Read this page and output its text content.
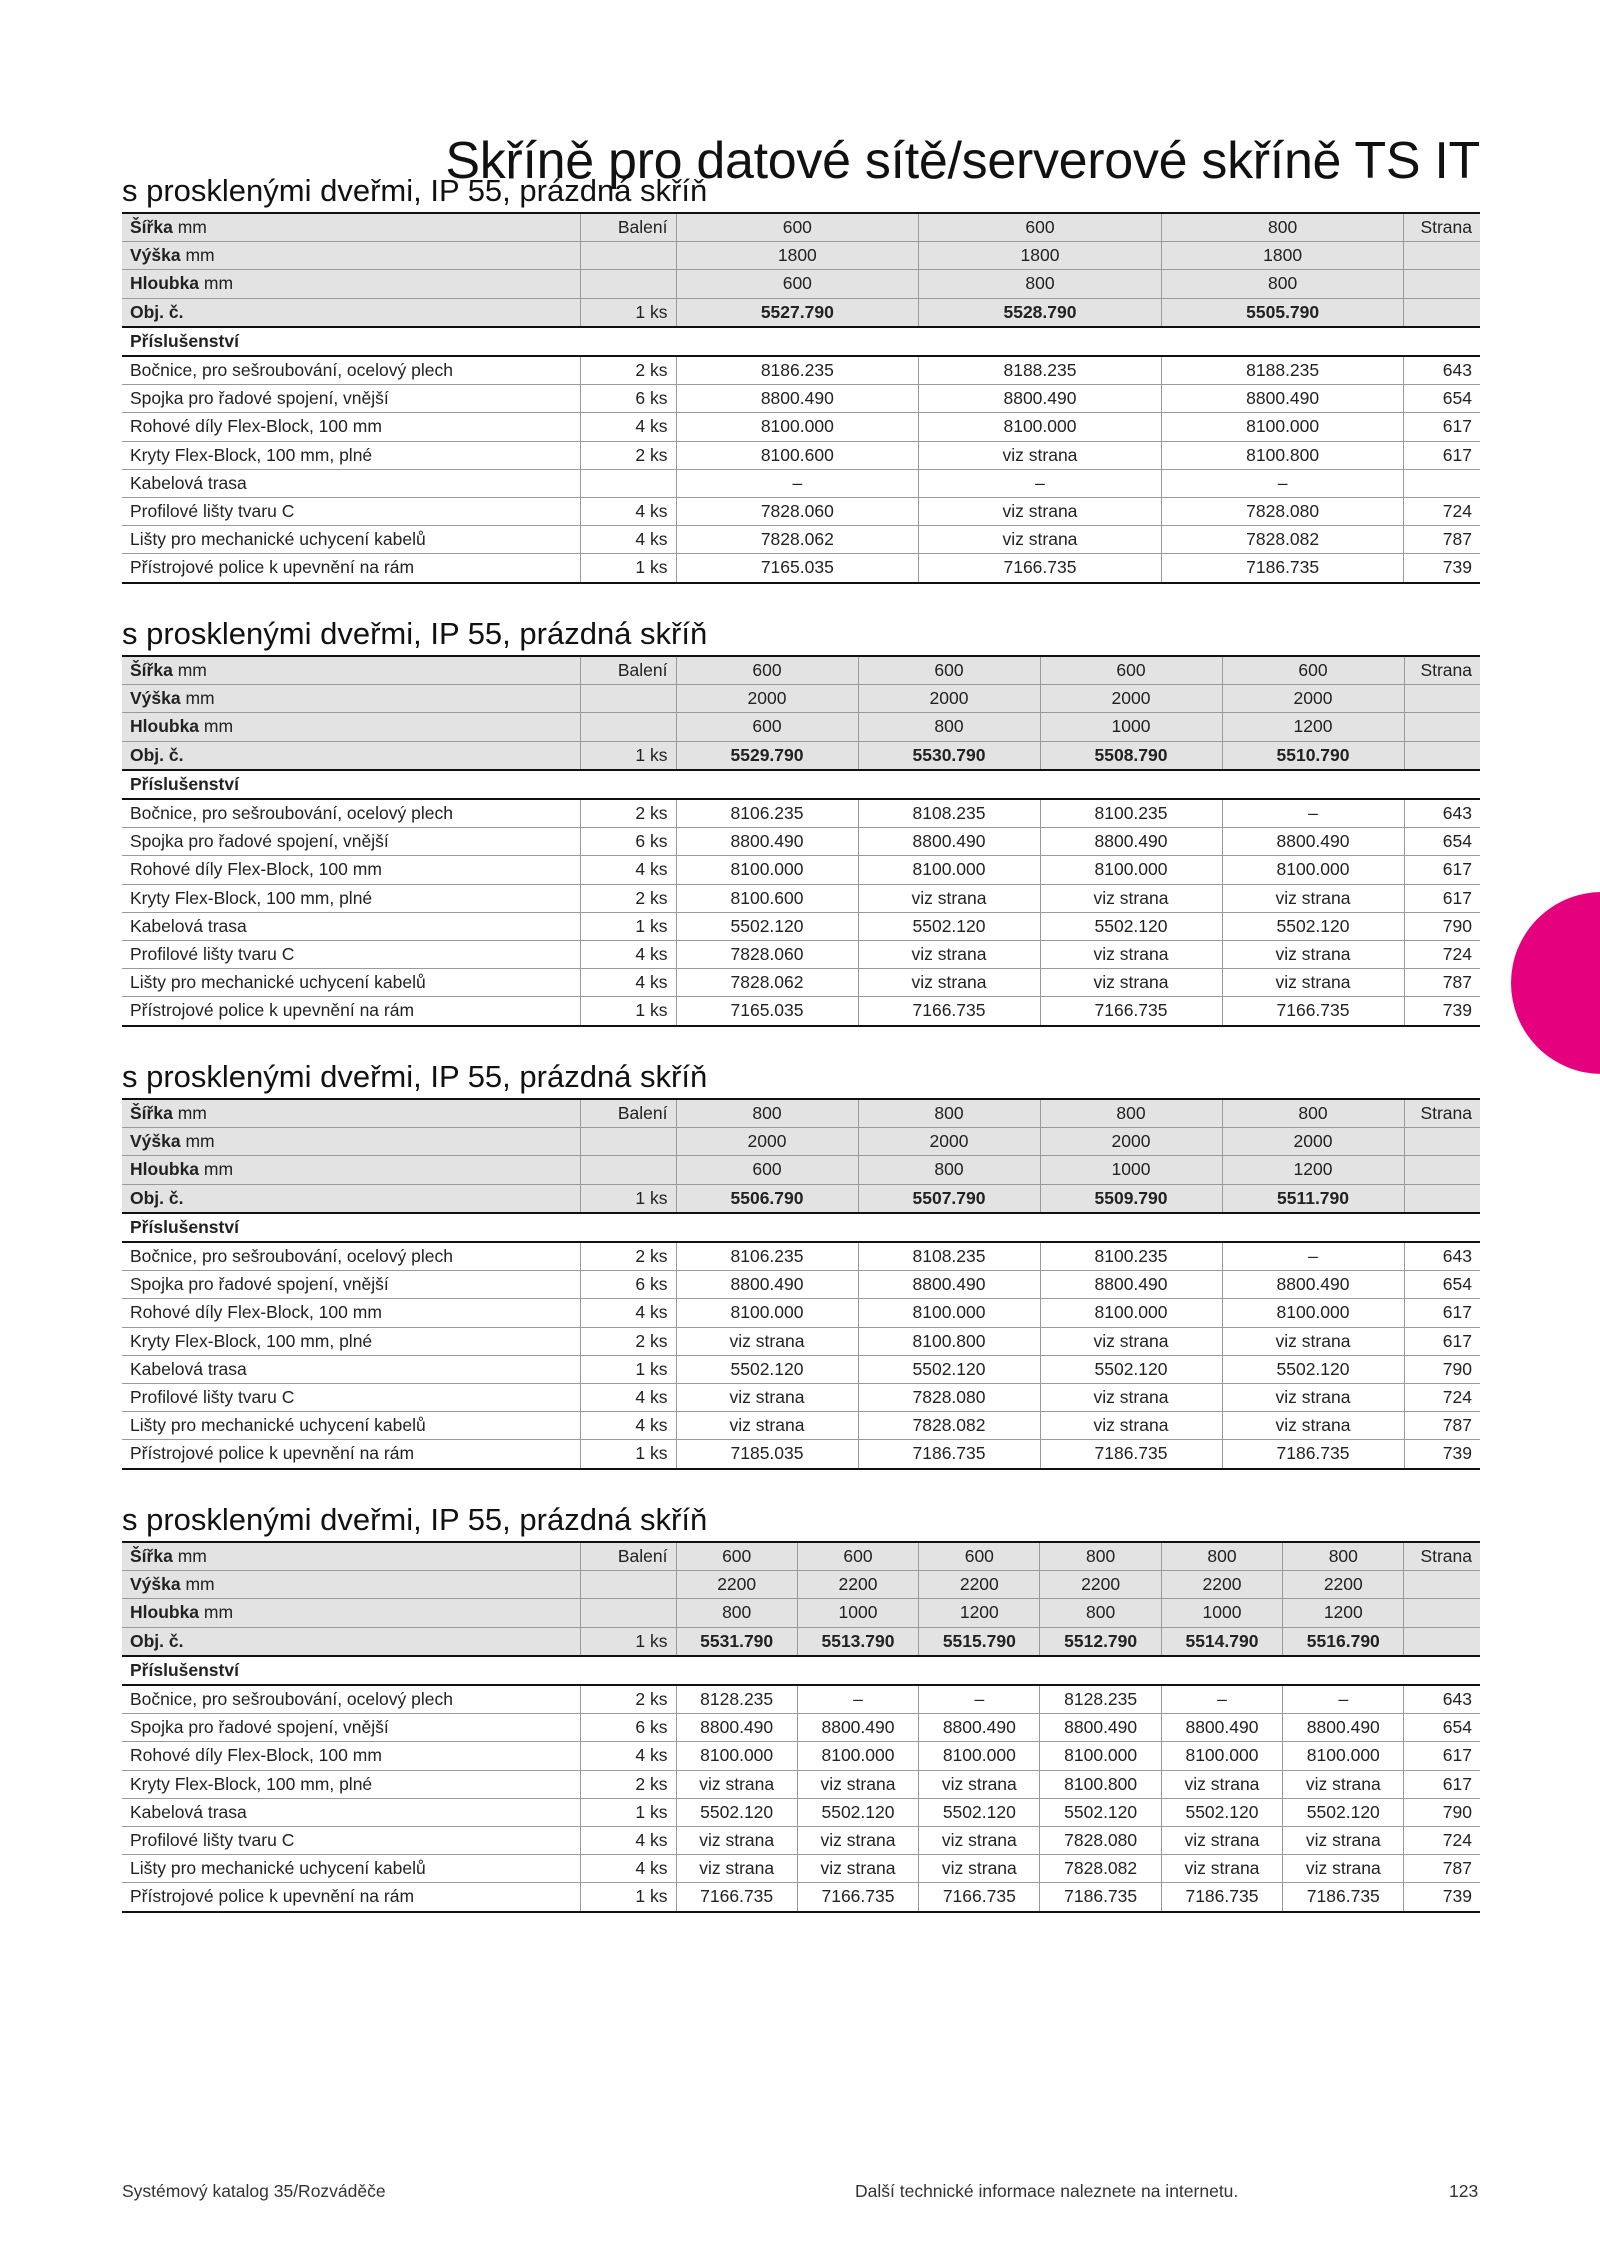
Skříně pro datové sítě/serverové skříně TS IT
s prosklenými dveřmi, IP 55, prázdná skříň
Šířka mm	Balení	600	600	800	Strana
Výška mm		1800	1800	1800	
Hloubka mm		600	800	800	
Obj. č.	1 ks	5527.790	5528.790	5505.790	
Příslušenství					
Bočnice, pro sešroubování, ocelový plech	2 ks	8186.235	8188.235	8188.235	643
Spojka pro řadové spojení, vnější	6 ks	8800.490	8800.490	8800.490	654
Rohové díly Flex-Block, 100 mm	4 ks	8100.000	8100.000	8100.000	617
Kryty Flex-Block, 100 mm, plné	2 ks	8100.600	viz strana	8100.800	617
Kabelová trasa		–	–	–	
Profilové lišty tvaru C	4 ks	7828.060	viz strana	7828.080	724
Lišty pro mechanické uchycení kabelů	4 ks	7828.062	viz strana	7828.082	787
Přístrojové police k upevnění na rám	1 ks	7165.035	7166.735	7186.735	739
s prosklenými dveřmi, IP 55, prázdná skříň
Šířka mm	Balení	600	600	600	600	Strana
Výška mm		2000	2000	2000	2000	
Hloubka mm		600	800	1000	1200	
Obj. č.	1 ks	5529.790	5530.790	5508.790	5510.790	
Příslušenství						
Bočnice, pro sešroubování, ocelový plech	2 ks	8106.235	8108.235	8100.235	–	643
Spojka pro řadové spojení, vnější	6 ks	8800.490	8800.490	8800.490	8800.490	654
Rohové díly Flex-Block, 100 mm	4 ks	8100.000	8100.000	8100.000	8100.000	617
Kryty Flex-Block, 100 mm, plné	2 ks	8100.600	viz strana	viz strana	viz strana	617
Kabelová trasa	1 ks	5502.120	5502.120	5502.120	5502.120	790
Profilové lišty tvaru C	4 ks	7828.060	viz strana	viz strana	viz strana	724
Lišty pro mechanické uchycení kabelů	4 ks	7828.062	viz strana	viz strana	viz strana	787
Přístrojové police k upevnění na rám	1 ks	7165.035	7166.735	7166.735	7166.735	739
s prosklenými dveřmi, IP 55, prázdná skříň
Šířka mm	Balení	800	800	800	800	Strana
Výška mm		2000	2000	2000	2000	
Hloubka mm		600	800	1000	1200	
Obj. č.	1 ks	5506.790	5507.790	5509.790	5511.790	
Příslušenství						
Bočnice, pro sešroubování, ocelový plech	2 ks	8106.235	8108.235	8100.235	–	643
Spojka pro řadové spojení, vnější	6 ks	8800.490	8800.490	8800.490	8800.490	654
Rohové díly Flex-Block, 100 mm	4 ks	8100.000	8100.000	8100.000	8100.000	617
Kryty Flex-Block, 100 mm, plné	2 ks	viz strana	8100.800	viz strana	viz strana	617
Kabelová trasa	1 ks	5502.120	5502.120	5502.120	5502.120	790
Profilové lišty tvaru C	4 ks	viz strana	7828.080	viz strana	viz strana	724
Lišty pro mechanické uchycení kabelů	4 ks	viz strana	7828.082	viz strana	viz strana	787
Přístrojové police k upevnění na rám	1 ks	7185.035	7186.735	7186.735	7186.735	739
s prosklenými dveřmi, IP 55, prázdná skříň
Šířka mm	Balení	600	600	600	800	800	800	Strana
Výška mm		2200	2200	2200	2200	2200	2200	
Hloubka mm		800	1000	1200	800	1000	1200	
Obj. č.	1 ks	5531.790	5513.790	5515.790	5512.790	5514.790	5516.790	
Příslušenství								
Bočnice, pro sešroubování, ocelový plech	2 ks	8128.235	–	–	8128.235	–	–	643
Spojka pro řadové spojení, vnější	6 ks	8800.490	8800.490	8800.490	8800.490	8800.490	8800.490	654
Rohové díly Flex-Block, 100 mm	4 ks	8100.000	8100.000	8100.000	8100.000	8100.000	8100.000	617
Kryty Flex-Block, 100 mm, plné	2 ks	viz strana	viz strana	viz strana	8100.800	viz strana	viz strana	617
Kabelová trasa	1 ks	5502.120	5502.120	5502.120	5502.120	5502.120	5502.120	790
Profilové lišty tvaru C	4 ks	viz strana	viz strana	viz strana	7828.080	viz strana	viz strana	724
Lišty pro mechanické uchycení kabelů	4 ks	viz strana	viz strana	viz strana	7828.082	viz strana	viz strana	787
Přístrojové police k upevnění na rám	1 ks	7166.735	7166.735	7166.735	7186.735	7186.735	7186.735	739
Systémový katalog 35/Rozváděče	Další technické informace naleznete na internetu.	123
